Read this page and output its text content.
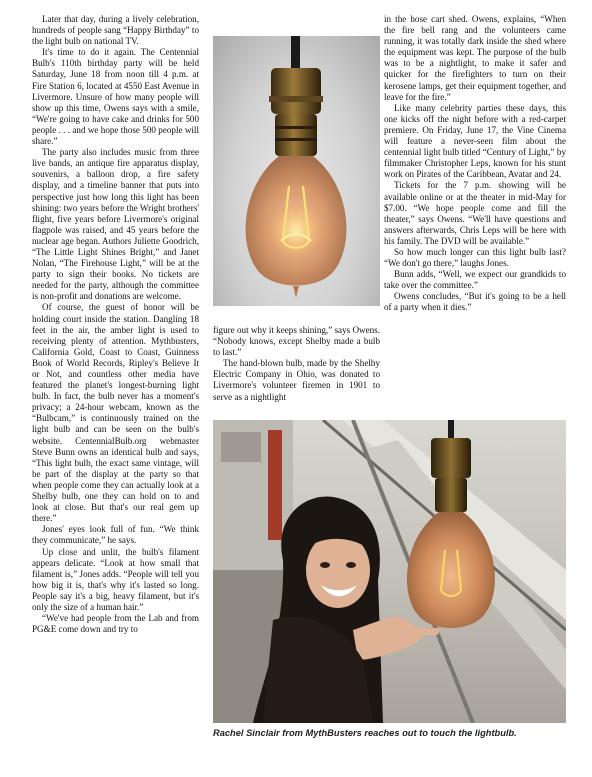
Later that day, during a lively celebration, hundreds of people sang “Happy Birthday” to the light bulb on national TV.

It's time to do it again. The Centennial Bulb's 110th birthday party will be held Saturday, June 18 from noon till 4 p.m. at Fire Station 6, located at 4550 East Avenue in Livermore. Unsure of how many people will show up this time, Owens says with a smile, “We're going to have cake and drinks for 500 people . . . and we hope those 500 people will share.”

The party also includes music from three live bands, an antique fire apparatus display, souvenirs, a balloon drop, a fire safety display, and a timeline banner that puts into perspective just how long this light has been shining: two years before the Wright brothers' flight, five years before Livermore's original flagpole was raised, and 45 years before the nuclear age began. Authors Juliette Goodrich, “The Little Light Shines Bright,” and Janet Nolan, “The Firehouse Light,” will be at the party to sign their books. No tickets are needed for the party, although the committee is non-profit and donations are welcome.

Of course, the guest of honor will be holding court inside the station. Dangling 18 feet in the air, the amber light is used to receiving plenty of attention. Mythbusters, California Gold, Coast to Coast, Guinness Book of World Records, Ripley's Believe It or Not, and countless other media have featured the planet's longest-burning light bulb. In fact, the bulb never has a moment's privacy; a 24-hour webcam, known as the “Bulbcam,” is continuously trained on the light bulb and can be seen on the bulb's website. CentennialBulb.org webmaster Steve Bunn owns an identical bulb and says, “This light bulb, the exact same vintage, will be part of the display at the party so that when people come they can actually look at a Shelby bulb, one they can hold on to and look at close. But that's our real gem up there.”

Jones' eyes look full of fun. “We think they communicate,” he says.

Up close and unlit, the bulb's filament appears delicate. “Look at how small that filament is,” Jones adds. “People will tell you how big it is, that's why it's lasted so long. People say it's a big, heavy filament, but it's only the size of a human hair.”

“We've had people from the Lab and from PG&E come down and try to

figure out why it keeps shining,” says Owens. “Nobody knows, except Shelby made a bulb to last.”

The hand-blown bulb, made by the Shelby Electric Company in Ohio, was donated to Livermore's volunteer firemen in 1901 to serve as a nightlight

in the hose cart shed. Owens, explains, “When the fire bell rang and the volunteers came running, it was totally dark inside the shed where the equipment was kept. The purpose of the bulb was to be a nightlight, to make it safer and quicker for the firefighters to turn on their kerosene lamps, get their equipment together, and leave for the fire.”

Like many celebrity parties these days, this one kicks off the night before with a red-carpet premiere. On Friday, June 17, the Vine Cinema will feature a never-seen film about the centennial light bulb titled “Century of Light,” by filmmaker Christopher Leps, known for his stunt work on Pirates of the Caribbean, Avatar and 24.

Tickets for the 7 p.m. showing will be available online or at the theater in mid-May for $7.00. “We hope people come and fill the theater,” says Owens. “We'll have questions and answers afterwards, Chris Leps will be here with his family. The DVD will be available.”

So how much longer can this light bulb last? “We don't go there,” laughs Jones.

Bunn adds, “Well, we expect our grandkids to take over the committee.”

Owens concludes, “But it's going to be a hell of a party when it dies.”

Rachel Sinclair from MythBusters reaches out to touch the lightbulb.
